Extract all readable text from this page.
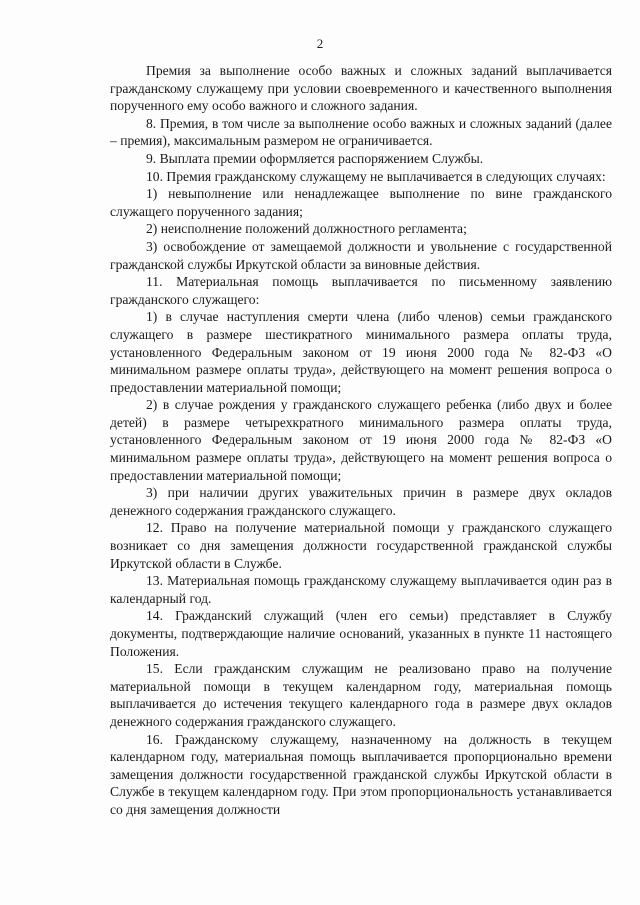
2

Премия за выполнение особо важных и сложных заданий выплачивается гражданскому служащему при условии своевременного и качественного выполнения порученного ему особо важного и сложного задания.

8. Премия, в том числе за выполнение особо важных и сложных заданий (далее – премия), максимальным размером не ограничивается.

9. Выплата премии оформляется распоряжением Службы.

10. Премия гражданскому служащему не выплачивается в следующих случаях:

1) невыполнение или ненадлежащее выполнение по вине гражданского служащего порученного задания;

2) неисполнение положений должностного регламента;

3) освобождение от замещаемой должности и увольнение с государственной гражданской службы Иркутской области за виновные действия.

11. Материальная помощь выплачивается по письменному заявлению гражданского служащего:

1) в случае наступления смерти члена (либо членов) семьи гражданского служащего в размере шестикратного минимального размера оплаты труда, установленного Федеральным законом от 19 июня 2000 года № 82-ФЗ «О минимальном размере оплаты труда», действующего на момент решения вопроса о предоставлении материальной помощи;

2) в случае рождения у гражданского служащего ребенка (либо двух и более детей) в размере четырехкратного минимального размера оплаты труда, установленного Федеральным законом от 19 июня 2000 года № 82-ФЗ «О минимальном размере оплаты труда», действующего на момент решения вопроса о предоставлении материальной помощи;

3) при наличии других уважительных причин в размере двух окладов денежного содержания гражданского служащего.

12. Право на получение материальной помощи у гражданского служащего возникает со дня замещения должности государственной гражданской службы Иркутской области в Службе.

13. Материальная помощь гражданскому служащему выплачивается один раз в календарный год.

14. Гражданский служащий (член его семьи) представляет в Службу документы, подтверждающие наличие оснований, указанных в пункте 11 настоящего Положения.

15. Если гражданским служащим не реализовано право на получение материальной помощи в текущем календарном году, материальная помощь выплачивается до истечения текущего календарного года в размере двух окладов денежного содержания гражданского служащего.

16. Гражданскому служащему, назначенному на должность в текущем календарном году, материальная помощь выплачивается пропорционально времени замещения должности государственной гражданской службы Иркутской области в Службе в текущем календарном году. При этом пропорциональность устанавливается со дня замещения должности
